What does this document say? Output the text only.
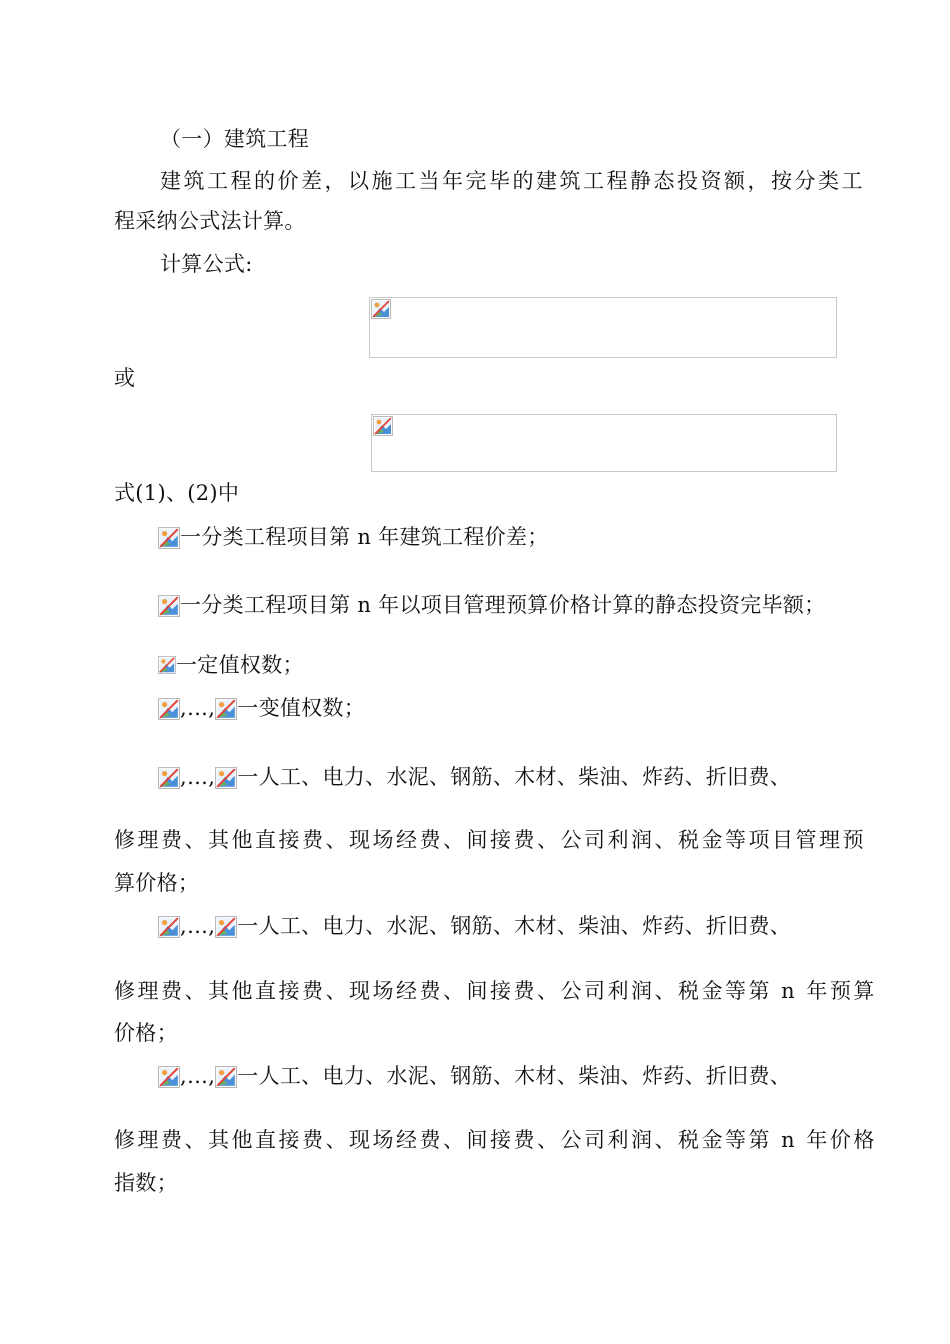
（一）建筑工程
建筑工程的价差，以施工当年完毕的建筑工程静态投资额，按分类工
程采纳公式法计算。
计算公式:
或
式(1)、(2)中
一分类工程项目第 n 年建筑工程价差；
一分类工程项目第 n 年以项目管理预算价格计算的静态投资完毕额；
一定值权数；
,…, 一变值权数；
,…, 一人工、电力、水泥、钢筋、木材、柴油、炸药、折旧费、
修理费、其他直接费、现场经费、间接费、公司利润、税金等项目管理预
算价格；
,…, 一人工、电力、水泥、钢筋、木材、柴油、炸药、折旧费、
修理费、其他直接费、现场经费、间接费、公司利润、税金等第 n 年预算
价格；
,…, 一人工、电力、水泥、钢筋、木材、柴油、炸药、折旧费、
修理费、其他直接费、现场经费、间接费、公司利润、税金等第 n 年价格
指数；
